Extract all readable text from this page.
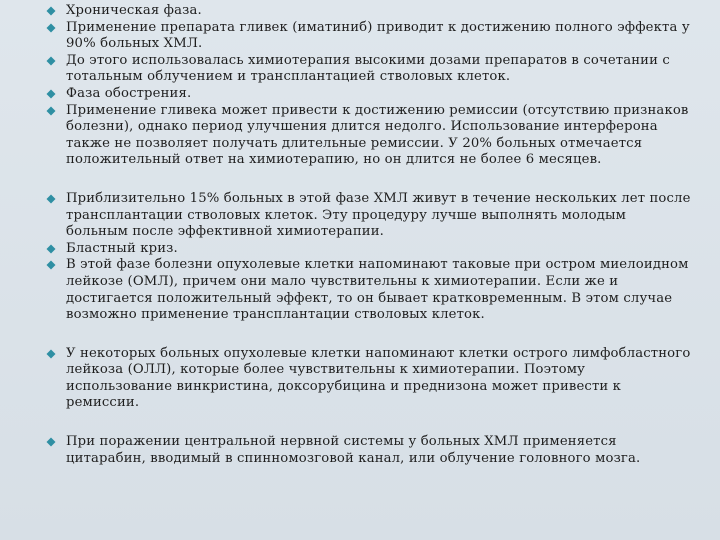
Хроническая фаза.
Применение препарата гливек (иматиниб) приводит к достижению полного эффекта у 90% больных ХМЛ.
До этого использовалась химиотерапия высокими дозами препаратов в сочетании с тотальным облучением и трансплантацией стволовых клеток.
Фаза обострения.
Применение гливека может привести к достижению ремиссии (отсутствию признаков болезни), однако период улучшения длится недолго. Использование интерферона также не позволяет получать длительные ремиссии. У 20% больных отмечается положительный ответ на химиотерапию, но он длится не более 6 месяцев.
Приблизительно 15% больных в этой фазе ХМЛ живут в течение нескольких лет после трансплантации стволовых клеток. Эту процедуру лучше выполнять молодым больным после эффективной химиотерапии.
Бластный криз.
В этой фазе болезни опухолевые клетки напоминают таковые при остром миелоидном лейкозе (ОМЛ), причем они мало чувствительны к химиотерапии. Если же и достигается положительный эффект, то он бывает кратковременным. В этом случае возможно применение трансплантации стволовых клеток.
У некоторых больных опухолевые клетки напоминают клетки острого лимфобластного лейкоза (ОЛЛ), которые более чувствительны к химиотерапии. Поэтому использование винкристина, доксорубицина и преднизона может привести к ремиссии.
При поражении центральной нервной системы у больных ХМЛ применяется цитарабин, вводимый в спинномозговой канал, или облучение головного мозга.
